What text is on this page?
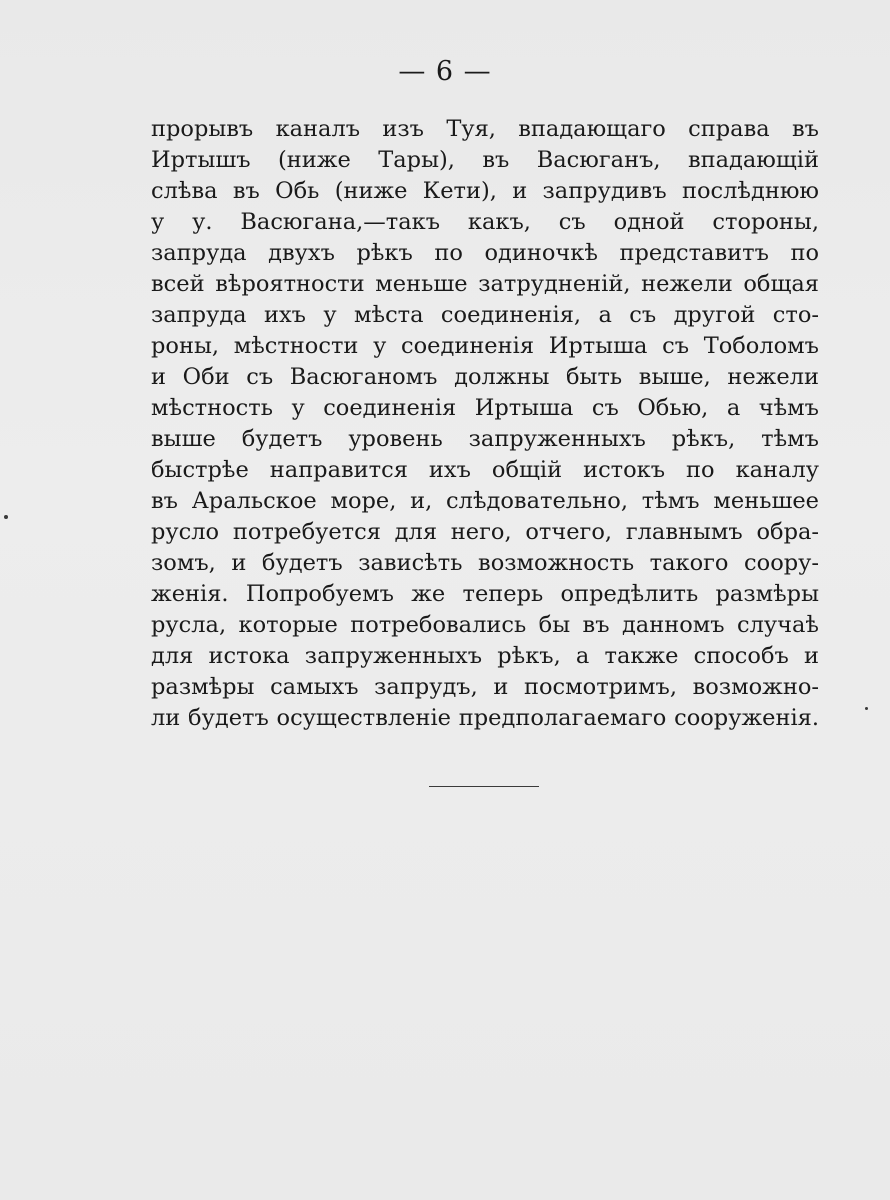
— 6 —
прорывъ каналъ изъ Туя, впадающаго справа въ
Иртышъ (ниже Тары), въ Васюганъ, впадающій
слѣва въ Обь (ниже Кети), и запрудивъ послѣднюю
у у. Васюгана,—такъ какъ, съ одной стороны,
запруда двухъ рѣкъ по одиночкѣ представитъ по
всей вѣроятности меньше затрудненій, нежели общая
запруда ихъ у мѣста соединенія, а съ другой сто-
роны, мѣстности у соединенія Иртыша съ Тоболомъ
и Оби съ Васюганомъ должны быть выше, нежели
мѣстность у соединенія Иртыша съ Обью, а чѣмъ
выше будетъ уровень запруженныхъ рѣкъ, тѣмъ
быстрѣе направится ихъ общій истокъ по каналу
въ Аральское море, и, слѣдовательно, тѣмъ меньшее
русло потребуется для него, отчего, главнымъ обра-
зомъ, и будетъ зависѣть возможность такого соору-
женія. Попробуемъ же теперь опредѣлить размѣры
русла, которые потребовались бы въ данномъ случаѣ
для истока запруженныхъ рѣкъ, а также способъ и
размѣры самыхъ запрудъ, и посмотримъ, возможно-
ли будетъ осуществленіе предполагаемаго сооруженія.
